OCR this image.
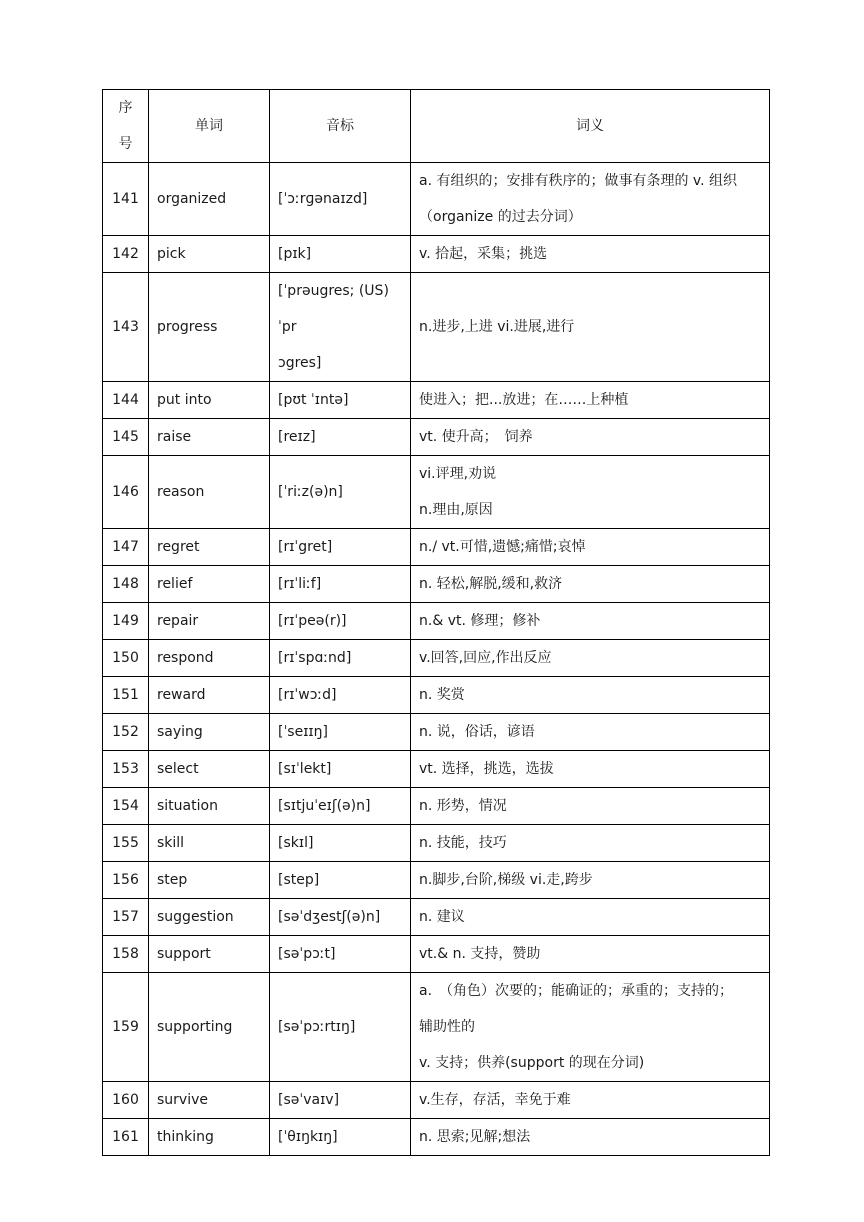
序
号	单词	音标	词义
141	organized	[ˈɔːrɡənaɪzd]	a. 有组织的；安排有秩序的；做事有条理的 v. 组织
（organize 的过去分词）

142	pick	[pɪk]	v. 拾起，采集；挑选

143	progress	[ˈprəugres; (US) ˈpr
ɔgres]	n.进步,上进 vi.进展,进行

144	put into	[pʊt ˈɪntə]	使进入；把...放进；在……上种植

145	raise	[reɪz]	vt. 使升高；　饲养

146	reason	[ˈriːz(ə)n]	vi.评理,劝说
n.理由,原因

147	regret	[rɪˈgret]	n./ vt.可惜,遗憾;痛惜;哀悼

148	relief	[rɪˈliːf]	n. 轻松,解脱,缓和,救济

149	repair	[rɪˈpeə(r)]	n.& vt. 修理；修补

150	respond	[rɪˈspɑːnd]	v.回答,回应,作出反应

151	reward	[rɪˈwɔːd]	n. 奖赏

152	saying	[ˈseɪɪŋ]	n. 说，俗话，谚语

153	select	[sɪˈlekt]	vt. 选择，挑选，选拔

154	situation	[sɪtjuˈeɪʃ(ə)n]	n. 形势，情况

155	skill	[skɪl]	n. 技能，技巧

156	step	[step]	n.脚步,台阶,梯级 vi.走,跨步

157	suggestion	[səˈdʒestʃ(ə)n]	n. 建议

158	support	[səˈpɔːt]	vt.& n. 支持，赞助

159	supporting	[səˈpɔːrtɪŋ]	a.　（角色）次要的；能确证的；承重的；支持的；
辅助性的
v. 支持；供养(support 的现在分词)

160	survive	[səˈvaɪv]	v.生存，存活，幸免于难

161	thinking	[ˈθɪŋkɪŋ]	n. 思索;见解;想法
